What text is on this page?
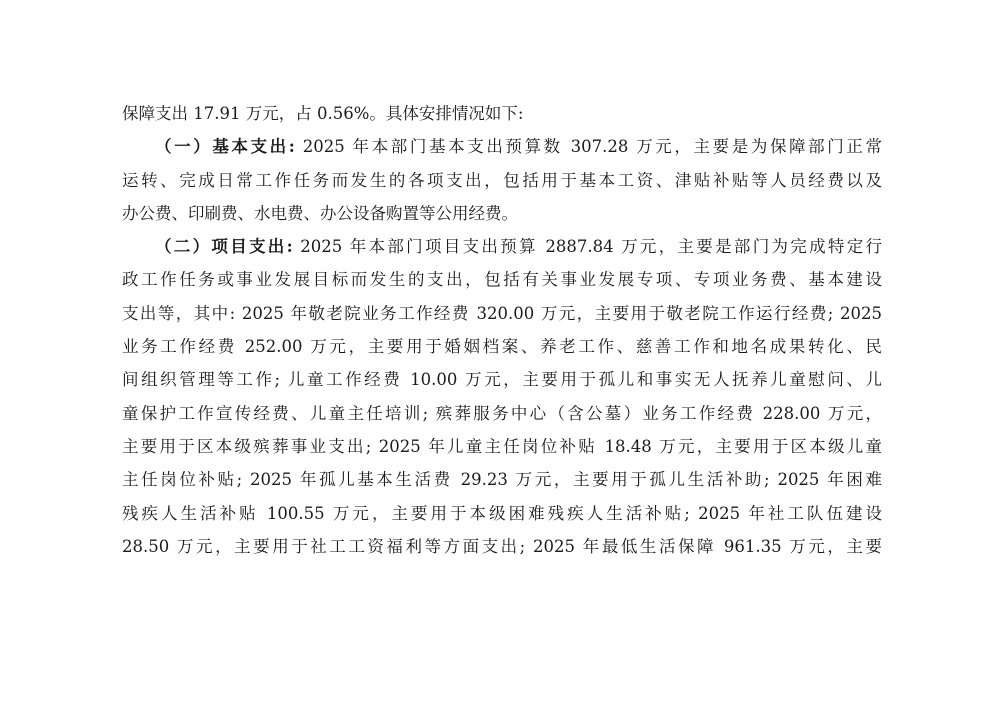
保障支出 17.91 万元，占 0.56%。具体安排情况如下:
（一）基本支出: 2025 年本部门基本支出预算数 307.28 万元，主要是为保障部门正常
运转、完成日常工作任务而发生的各项支出，包括用于基本工资、津贴补贴等人员经费以及
办公费、印刷费、水电费、办公设备购置等公用经费。
（二）项目支出: 2025 年本部门项目支出预算 2887.84 万元，主要是部门为完成特定行
政工作任务或事业发展目标而发生的支出，包括有关事业发展专项、专项业务费、基本建设
支出等，其中: 2025 年敬老院业务工作经费 320.00 万元，主要用于敬老院工作运行经费; 2025
业务工作经费 252.00 万元，主要用于婚姻档案、养老工作、慈善工作和地名成果转化、民
间组织管理等工作; 儿童工作经费 10.00 万元，主要用于孤儿和事实无人抚养儿童慰问、儿
童保护工作宣传经费、儿童主任培训; 殡葬服务中心（含公墓）业务工作经费 228.00 万元，
主要用于区本级殡葬事业支出; 2025 年儿童主任岗位补贴 18.48 万元，主要用于区本级儿童
主任岗位补贴; 2025 年孤儿基本生活费 29.23 万元，主要用于孤儿生活补助; 2025 年困难
残疾人生活补贴 100.55 万元，主要用于本级困难残疾人生活补贴; 2025 年社工队伍建设
28.50 万元，主要用于社工工资福利等方面支出; 2025 年最低生活保障 961.35 万元，主要
